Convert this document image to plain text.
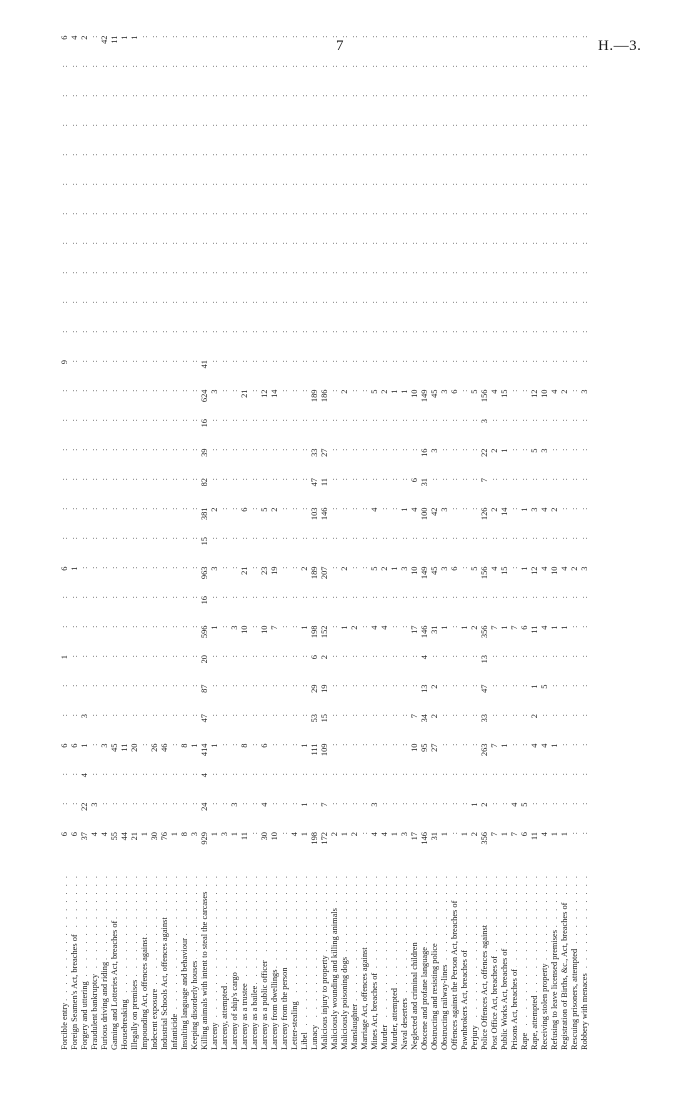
7	H.—3.
. . .
Forcible entry
6
:
:
6
:
:
1
:
:
6
:
:
:
:
:
:
9
:
:
:
:
:
:
:
:
:
:
6
. . .
Foreign Seamen's Act, breaches of
6
:
:
6
:
:
:
:
:
1
:
:
:
:
:
:
:
:
:
:
:
:
:
:
:
:
:
4
. . .
Forgery and uttering
37
22
4
1
3
:
:
:
:
:
:
:
:
:
:
:
:
:
:
:
:
:
:
:
:
:
:
2
. . .
Fraudulent bankruptcy
4
3
:
:
:
:
:
:
:
:
:
:
:
:
:
:
:
:
:
:
:
:
:
:
:
:
:
:
. . .
Furious driving and riding
4
:
:
3
:
:
:
:
:
:
:
:
:
:
:
:
:
:
:
:
:
:
:
:
:
:
:
42
. . .
Gaming and Lotteries Act, breaches of
55
:
:
45
:
:
:
:
:
:
:
:
:
:
:
:
:
:
:
:
:
:
:
:
:
:
:
11
. . .
Housebreaking
44
:
:
11
:
:
:
:
:
:
:
:
:
:
:
:
:
:
:
:
:
:
:
:
:
:
:
1
. . .
Illegally on premises
21
:
:
20
:
:
:
:
:
:
:
:
:
:
:
:
:
:
:
:
:
:
:
:
:
:
:
1
. . .
Impounding Act, offences against
1
:
:
:
:
:
:
:
:
:
:
:
:
:
:
:
:
:
:
:
:
:
:
:
:
:
:
:
. . .
Indecent exposure
30
:
:
26
:
:
:
:
:
:
:
:
:
:
:
:
:
:
:
:
:
:
:
:
:
:
:
:
. . .
Industrial Schools Act, offences against
76
:
:
46
:
:
:
:
:
:
:
:
:
:
:
:
:
:
:
:
:
:
:
:
:
:
:
:
. . .
Infanticide
1
:
:
:
:
:
:
:
:
:
:
:
:
:
:
:
:
:
:
:
:
:
:
:
:
:
:
:
. . .
Insulting language and behaviour
8
:
:
8
:
:
:
:
:
:
:
:
:
:
:
:
:
:
:
:
:
:
:
:
:
:
:
:
. . .
Keeping disorderly houses
3
:
:
1
:
:
:
:
:
:
:
:
:
:
:
:
:
:
:
:
:
:
:
:
:
:
:
:
. . .
Killing animals with intent to steal the carcases
929
24
4
414
47
87
20
596
16
963
15
381
82
39
16
624
41
:
:
:
:
:
:
:
:
:
:
:
. . .
Larceny
1
:
:
1
:
:
:
1
:
3
:
2
:
:
:
3
:
:
:
:
:
:
:
:
:
:
:
:
. . .
Larceny, attempted
3
:
:
:
:
:
:
:
:
:
:
:
:
:
:
:
:
:
:
:
:
:
:
:
:
:
:
:
. . .
Larceny of ship's cargo
1
3
:
:
:
:
:
3
:
:
:
:
:
:
:
:
:
:
:
:
:
:
:
:
:
:
:
:
. . .
Larceny as a trustee
11
:
:
8
:
:
:
10
:
21
:
6
:
:
:
21
:
:
:
:
:
:
:
:
:
:
:
:
. . .
Larceny as a bailee
:
:
:
:
:
:
:
:
:
:
:
:
:
:
:
:
:
:
:
:
:
:
:
:
:
:
:
:
. . .
Larceny as a public officer
30
4
:
6
:
:
:
10
:
23
:
5
:
:
:
12
:
:
:
:
:
:
:
:
:
:
:
:
. . .
Larceny from dwellings
10
:
:
:
:
:
:
7
:
19
:
2
:
:
:
14
:
:
:
:
:
:
:
:
:
:
:
:
. . .
Larceny from the person
:
:
:
:
:
:
:
:
:
:
:
:
:
:
:
:
:
:
:
:
:
:
:
:
:
:
:
:
. . .
Letter-stealing
4
:
:
:
:
:
:
:
:
:
:
:
:
:
:
:
:
:
:
:
:
:
:
:
:
:
:
:
. . .
Libel
1
1
:
1
:
:
:
1
:
2
:
:
:
:
:
:
:
:
:
:
:
:
:
:
:
:
:
:
. . .
Lunacy
198
:
:
111
53
29
6
198
:
189
:
103
47
33
:
189
:
:
:
:
:
:
:
:
:
:
:
:
. . .
Malicious injury to property
172
7
:
109
15
19
2
152
:
207
:
146
11
27
:
186
:
:
:
:
:
:
:
:
:
:
:
:
. . .
Maliciously wounding and killing animals
2
:
:
:
:
:
:
:
:
:
:
:
:
:
:
:
:
:
:
:
:
:
:
:
:
:
:
:
. . .
Maliciously poisoning dogs
1
:
:
:
:
:
:
1
:
2
:
:
:
:
:
2
:
:
:
:
:
:
:
:
:
:
:
:
. . .
Manslaughter
2
:
:
:
:
:
:
2
:
:
:
:
:
:
:
:
:
:
:
:
:
:
:
:
:
:
:
:
. . .
Marriage Act, offences against
:
:
:
:
:
:
:
:
:
:
:
:
:
:
:
:
:
:
:
:
:
:
:
:
:
:
:
:
. . .
Mines Act, breaches of
4
3
:
:
:
:
:
4
:
5
:
4
:
:
:
5
:
:
:
:
:
:
:
:
:
:
:
:
. . .
Murder
4
:
:
:
:
:
:
4
:
2
:
:
:
:
:
2
:
:
:
:
:
:
:
:
:
:
:
:
. . .
Murder, attempted
1
:
:
:
:
:
:
:
:
1
:
:
:
:
:
1
:
:
:
:
:
:
:
:
:
:
:
:
. . .
Naval deserters
3
:
:
:
:
:
:
:
:
3
:
1
:
:
:
1
:
:
:
:
:
:
:
:
:
:
:
:
. . .
Neglected and criminal children
17
:
:
10
7
:
:
17
:
10
:
4
6
:
:
10
:
:
:
:
:
:
:
:
:
:
:
:
. . .
Obscene and profane language
146
:
:
95
34
13
4
146
:
149
:
100
31
16
:
149
:
:
:
:
:
:
:
:
:
:
:
:
. . .
Obstructing and resisting police
31
:
:
27
2
2
:
31
:
45
:
42
:
3
:
45
:
:
:
:
:
:
:
:
:
:
:
:
. . .
Obstructing railway-lines
1
:
:
:
:
:
:
1
:
3
:
3
:
:
:
3
:
:
:
:
:
:
:
:
:
:
:
:
. . .
Offences against the Person Act, breaches of
:
:
:
:
:
:
:
:
:
6
:
:
:
:
:
6
:
:
:
:
:
:
:
:
:
:
:
:
. . .
Pawnbrokers Act, breaches of
1
:
:
:
:
:
:
1
:
:
:
:
:
:
:
:
:
:
:
:
:
:
:
:
:
:
:
:
. . .
Perjury
2
1
:
:
:
:
:
2
:
5
:
:
:
:
:
5
:
:
:
:
:
:
:
:
:
:
:
:
. . .
Police Offences Act, offences against
356
2
:
263
33
47
13
356
:
156
:
126
7
22
3
156
:
:
:
:
:
:
:
:
:
:
:
:
. . .
Post Office Act, breaches of
7
:
:
7
:
:
:
7
:
4
:
2
:
2
:
4
:
:
:
:
:
:
:
:
:
:
:
:
. . .
Public Works Act, breaches of
1
:
:
1
:
:
:
1
:
15
:
14
:
1
:
15
:
:
:
:
:
:
:
:
:
:
:
:
. . .
Prisons Act, breaches of
7
4
:
:
:
:
:
7
:
:
:
:
:
:
:
:
:
:
:
:
:
:
:
:
:
:
:
:
. . .
Rape
6
5
:
:
:
:
:
6
:
1
:
1
:
:
:
:
:
:
:
:
:
:
:
:
:
:
:
:
. . .
Rape, attempted
11
:
:
4
2
1
:
11
:
12
:
3
:
5
:
12
:
:
:
:
:
:
:
:
:
:
:
:
. . .
Receiving stolen property
4
:
:
4
:
5
:
4
:
4
:
4
:
3
:
10
:
:
:
:
:
:
:
:
:
:
:
:
. . .
Refusing to leave licensed premises
1
:
:
1
:
:
:
1
:
10
:
2
:
:
:
4
:
:
:
:
:
:
:
:
:
:
:
:
. . .
Registration of Births, &c., Act, breaches of
1
:
:
:
:
:
:
1
:
4
:
:
:
:
:
2
:
:
:
:
:
:
:
:
:
:
:
:
. . .
Rescuing prisoners, attempted
:
:
:
:
:
:
:
:
:
2
:
:
:
:
:
:
:
:
:
:
:
:
:
:
:
:
:
:
. . .
Robbery with menaces
:
:
:
:
:
:
:
:
:
3
:
:
:
:
:
3
:
:
:
:
:
:
:
:
:
:
:
:
